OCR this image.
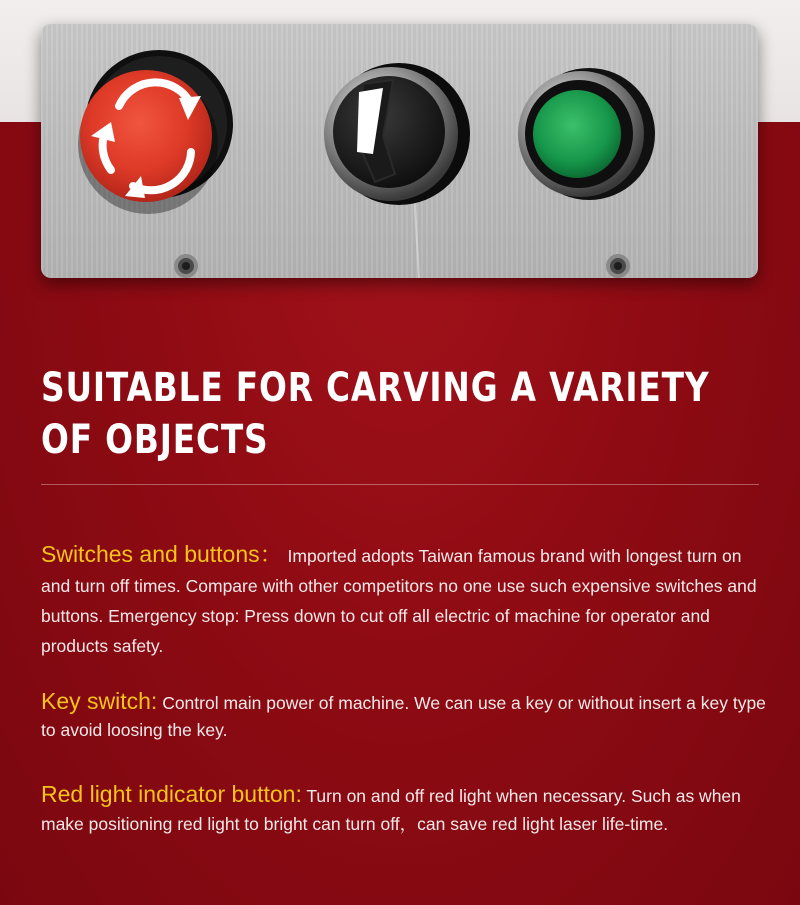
SUITABLE FOR CARVING A VARIETY
OF OBJECTS

Switches and buttons： Imported adopts Taiwan famous brand with longest turn on and turn off times. Compare with other competitors no one use such expensive switches and buttons. Emergency stop: Press down to cut off all electric of machine for operator and products safety.

Key switch: Control main power of machine. We can use a key or without insert a key type to avoid loosing the key.

Red light indicator button: Turn on and off red light when necessary. Such as when make positioning red light to bright can turn off，can save red light laser life-time.
